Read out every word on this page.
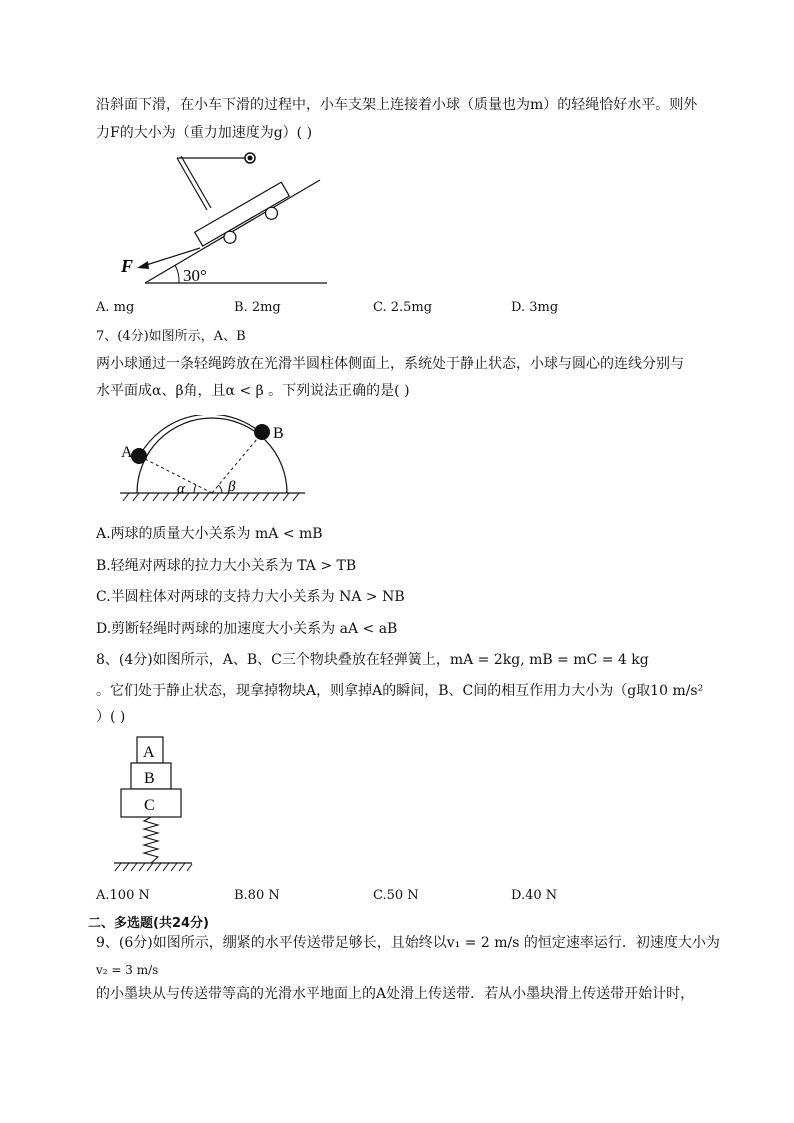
沿斜面下滑，在小车下滑的过程中，小车支架上连接着小球（质量也为m）的轻绳恰好水平。则外
力F的大小为（重力加速度为g）( )
F	30°
A. mg	B. 2mg	C. 2.5mg	D. 3mg
7、(4分)如图所示，A、B
两小球通过一条轻绳跨放在光滑半圆柱体侧面上，系统处于静止状态，小球与圆心的连线分别与
水平面成α、β角，且α < β 。下列说法正确的是( )
A
B
α	β
A.两球的质量大小关系为 mA < mB
B.轻绳对两球的拉力大小关系为 TA > TB
C.半圆柱体对两球的支持力大小关系为 NA > NB
D.剪断轻绳时两球的加速度大小关系为 aA < aB
8、(4分)如图所示，A、B、C三个物块叠放在轻弹簧上，mA = 2kg, mB = mC = 4 kg
。它们处于静止状态，现拿掉物块A，则拿掉A的瞬间，B、C间的相互作用力大小为（g取10 m/s²
）( )
A
B
C
A.100 N	B.80 N	C.50 N	D.40 N
二、多选题(共24分)
9、(6分)如图所示，绷紧的水平传送带足够长，且始终以v₁ = 2 m/s 的恒定速率运行．初速度大小为
v₂ = 3 m/s
的小墨块从与传送带等高的光滑水平地面上的A处滑上传送带．若从小墨块滑上传送带开始计时，
